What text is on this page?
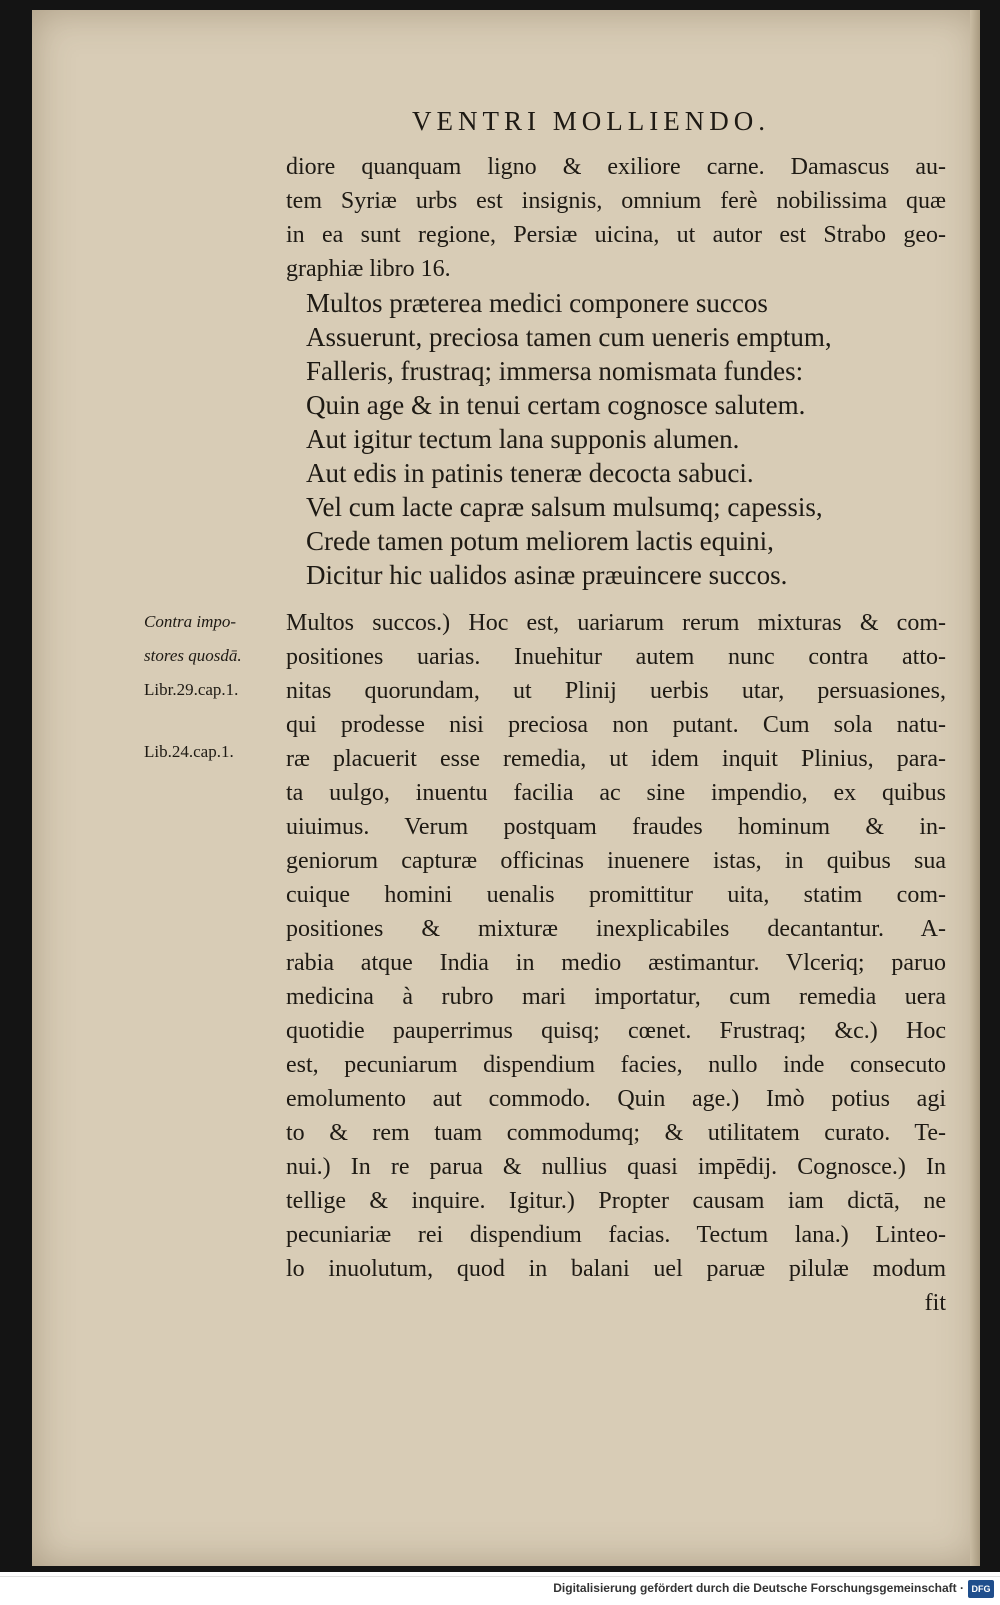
VENTRI MOLLIENDO.
diore quanquam ligno & exiliore carne. Damascus au-
tem Syriæ urbs est insignis, omnium ferè nobilissima quæ
in ea sunt regione, Persiæ uicina, ut autor est Strabo geo-
graphiæ libro 16.
Multos præterea medici componere succos
Assuerunt, preciosa tamen cum ueneris emptum,
Falleris, frustraq; immersa nomismata fundes:
Quin age & in tenui certam cognosce salutem.
Aut igitur tectum lana supponis alumen.
Aut edis in patinis teneræ decocta sabuci.
Vel cum lacte capræ salsum mulsumq; capessis,
Crede tamen potum meliorem lactis equini,
Dicitur hic ualidos asinæ præuincere succos.
Contra impo-
stores quosdā.
Libr.29.cap.1.
Lib.24.cap.1.
Multos succos.) Hoc est, uariarum rerum mixturas & com-
positiones uarias. Inuehitur autem nunc contra atto-
nitas quorundam, ut Plinij uerbis utar, persuasiones,
qui prodesse nisi preciosa non putant. Cum sola natu-
ræ placuerit esse remedia, ut idem inquit Plinius, para-
ta uulgo, inuentu facilia ac sine impendio, ex quibus
uiuimus. Verum postquam fraudes hominum & in-
geniorum capturæ officinas inuenere istas, in quibus sua
cuique homini uenalis promittitur uita, statim com-
positiones & mixturæ inexplicabiles decantantur. A-
rabia atque India in medio æstimantur. Vlceriq; paruo
medicina à rubro mari importatur, cum remedia uera
quotidie pauperrimus quisq; cœnet. Frustraq; &c.) Hoc
est, pecuniarum dispendium facies, nullo inde consecuto
emolumento aut commodo. Quin age.) Imò potius agi
to & rem tuam commodumq; & utilitatem curato. Te-
nui.) In re parua & nullius quasi impēdij. Cognosce.) In
tellige & inquire. Igitur.) Propter causam iam dictā, ne
pecuniariæ rei dispendium facias. Tectum lana.) Linteo-
lo inuolutum, quod in balani uel paruæ pilulæ modum
fit
Digitalisierung gefördert durch die Deutsche Forschungsgemeinschaft · DFG
